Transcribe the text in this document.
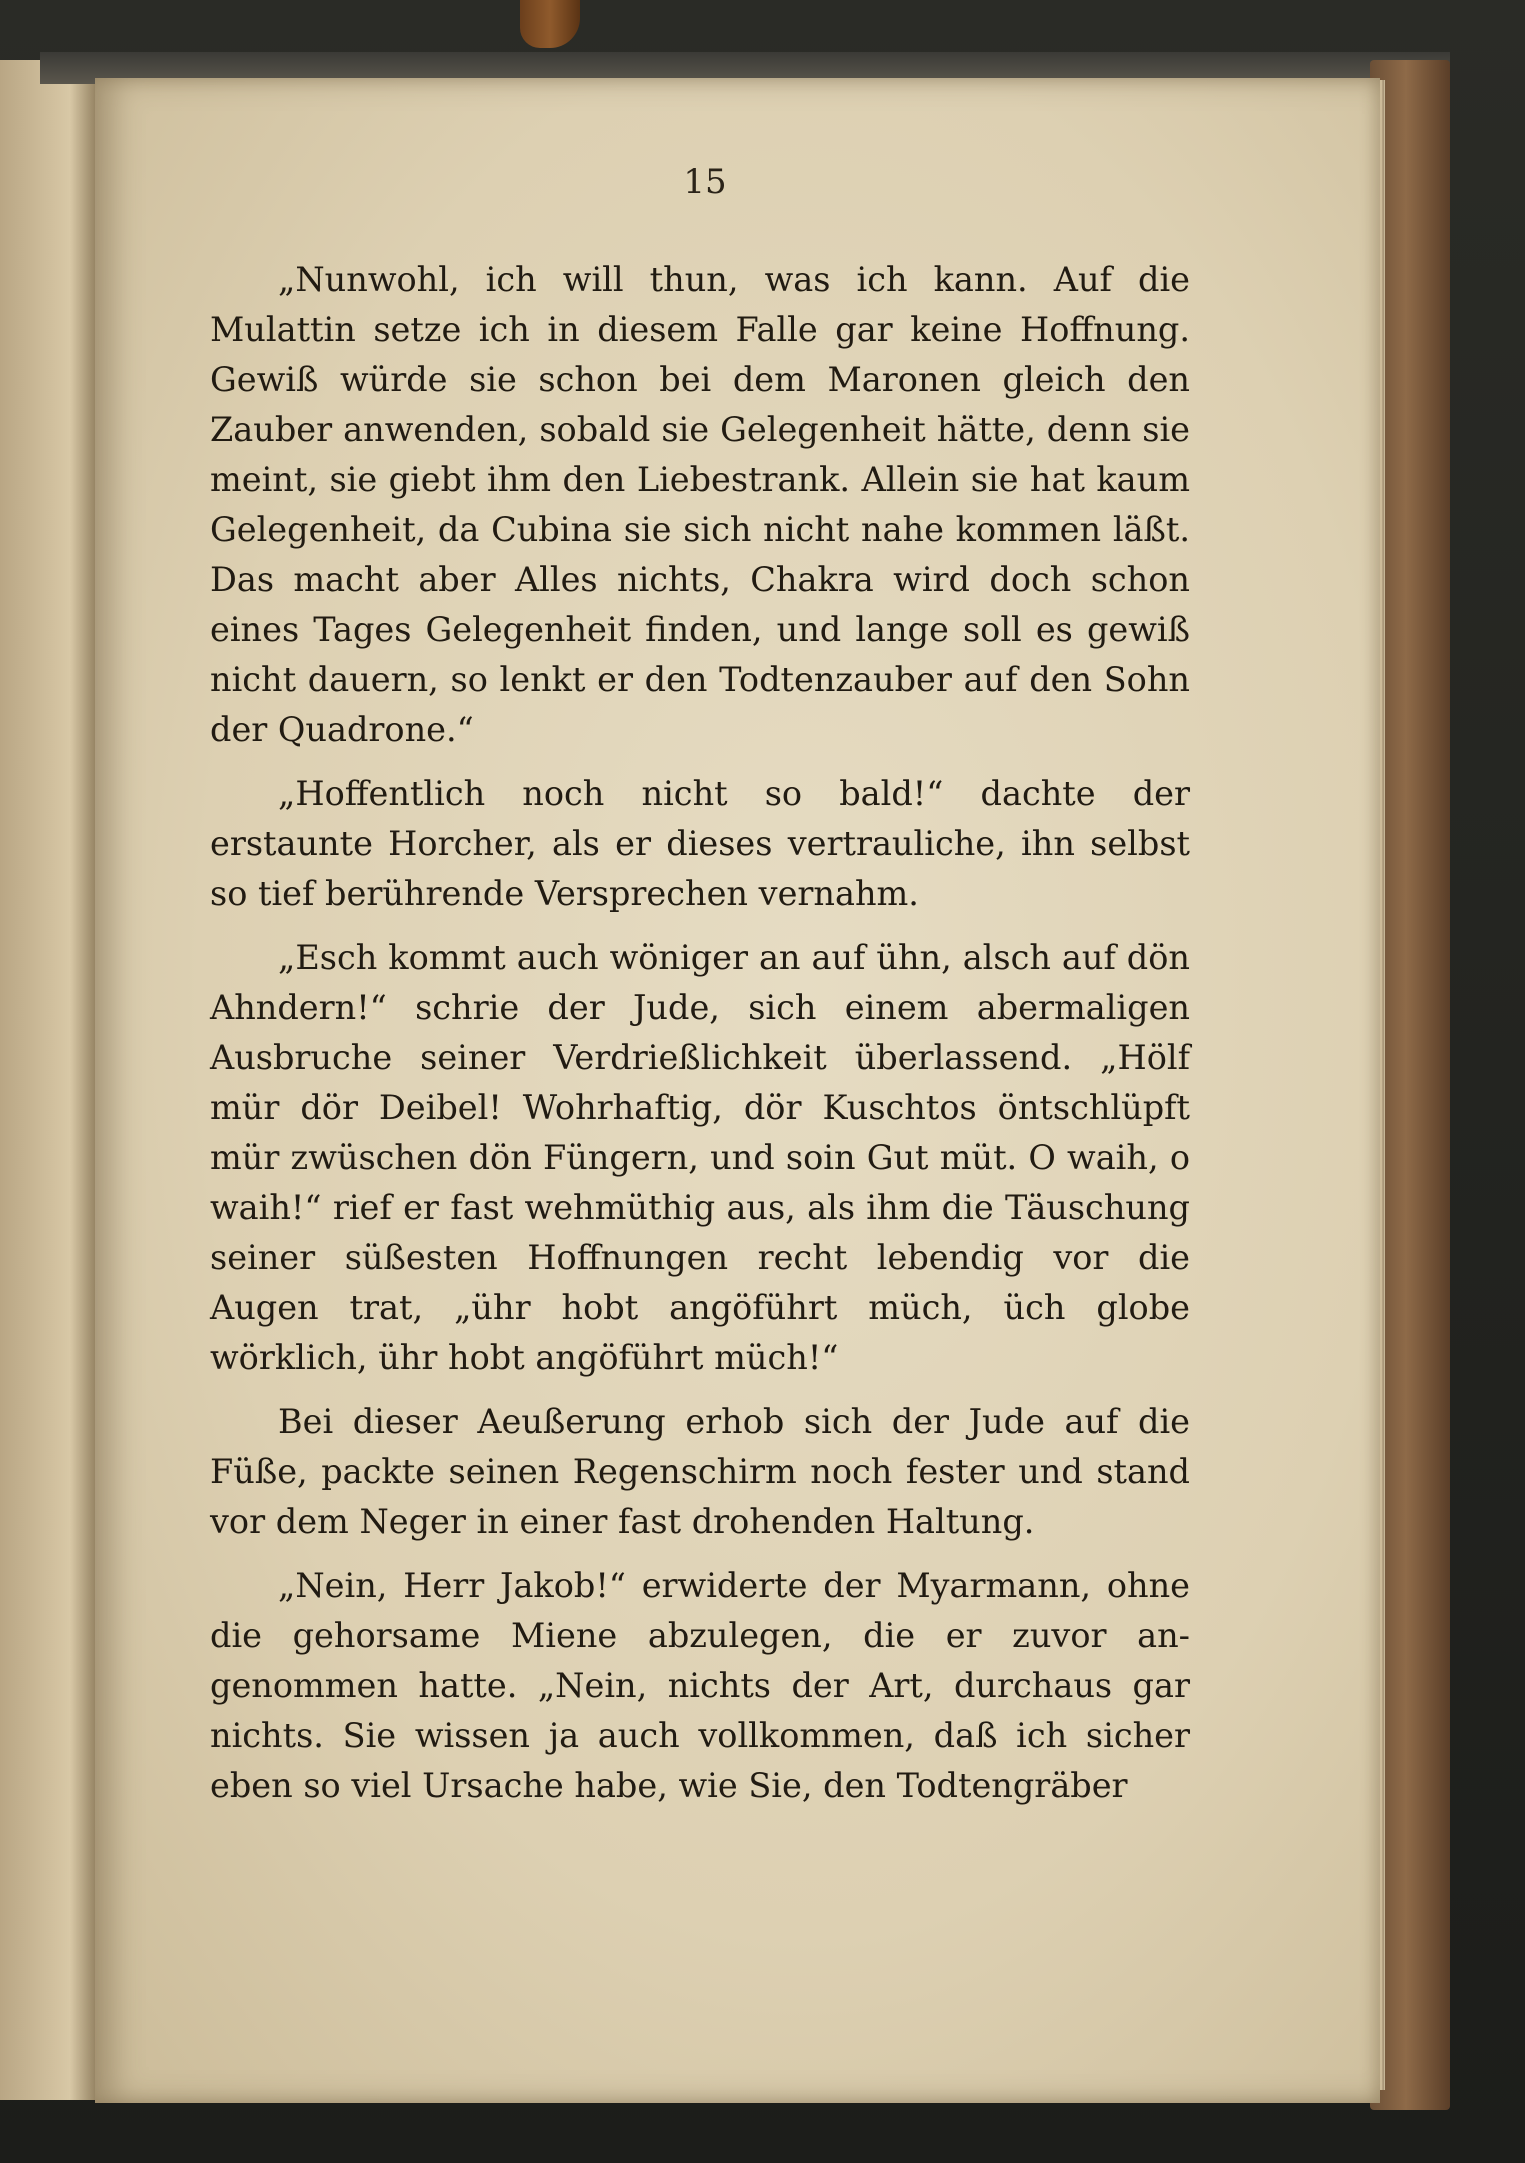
15

„Nunwohl, ich will thun, was ich kann. Auf die Mulattin setze ich in diesem Falle gar keine Hoffnung. Gewiß würde sie schon bei dem Maronen gleich den Zauber anwenden, sobald sie Gelegenheit hätte, denn sie meint, sie giebt ihm den Liebestrank. Allein sie hat kaum Gelegenheit, da Cubina sie sich nicht nahe kommen läßt. Das macht aber Alles nichts, Chakra wird doch schon eines Tages Gelegenheit finden, und lange soll es gewiß nicht dauern, so lenkt er den Todtenzauber auf den Sohn der Quadrone.“

„Hoffentlich noch nicht so bald!“ dachte der erstaunte Horcher, als er dieses vertrauliche, ihn selbst so tief berührende Versprechen vernahm.

„Esch kommt auch wöniger an auf ühn, alsch auf dön Ahndern!“ schrie der Jude, sich einem abermaligen Ausbruche seiner Verdrießlichkeit überlassend. „Hölf mür dör Deibel! Wohrhaftig, dör Kuschtos öntschlüpft mür zwüschen dön Füngern, und soin Gut müt. O waih, o waih!“ rief er fast wehmüthig aus, als ihm die Täuschung seiner süßesten Hoffnungen recht lebendig vor die Augen trat, „ühr hobt angöführt müch, üch globe wörklich, ühr hobt angöführt müch!“

Bei dieser Aeußerung erhob sich der Jude auf die Füße, packte seinen Regenschirm noch fester und stand vor dem Neger in einer fast drohenden Haltung.

„Nein, Herr Jakob!“ erwiderte der Myarmann, ohne die gehorsame Miene abzulegen, die er zuvor an‐ genommen hatte. „Nein, nichts der Art, durchaus gar nichts. Sie wissen ja auch vollkommen, daß ich sicher eben so viel Ursache habe, wie Sie, den Todtengräber
